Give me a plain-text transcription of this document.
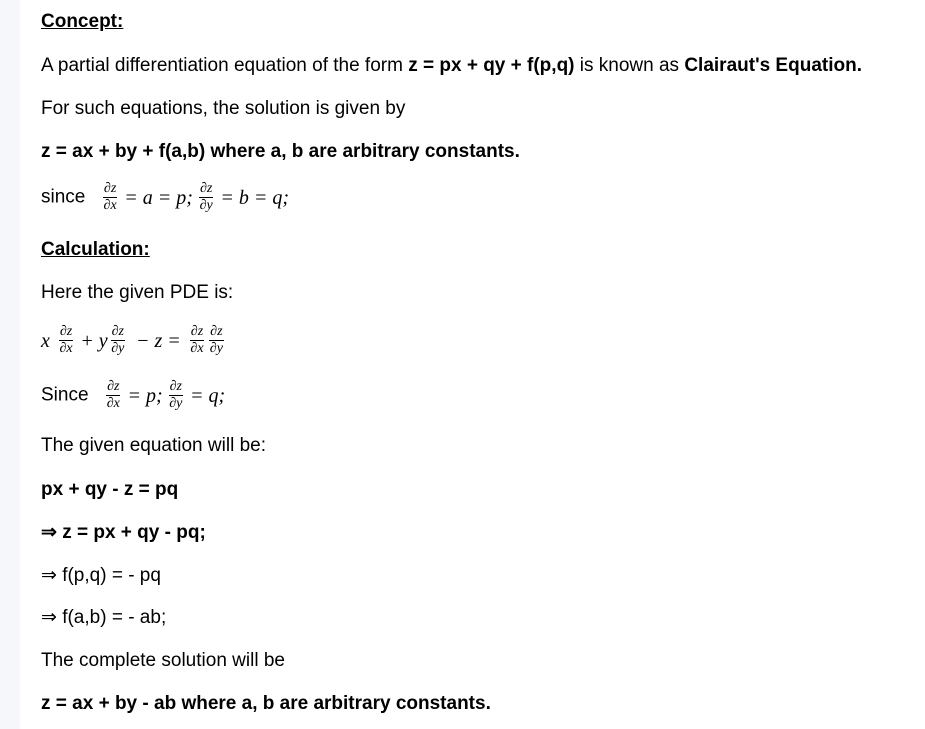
Concept:
A partial differentiation equation of the form z = px + qy + f(p,q) is known as Clairaut's Equation.
For such equations, the solution is given by
z = ax + by + f(a,b) where a, b are arbitrary constants.
since $\frac{\partial z}{\partial x} = a = p$; $\frac{\partial z}{\partial y} = b = q$;
Calculation:
Here the given PDE is:
x $\frac{\partial z}{\partial x} + y \frac{\partial z}{\partial y} - z = \frac{\partial z}{\partial x} \frac{\partial z}{\partial y}$
Since $\frac{\partial z}{\partial x} = p$; $\frac{\partial z}{\partial y} = q$;
The given equation will be:
px + qy - z = pq
⇒ z = px + qy - pq;
⇒ f(p,q) = - pq
⇒ f(a,b) = - ab;
The complete solution will be
z = ax + by - ab where a, b are arbitrary constants.
